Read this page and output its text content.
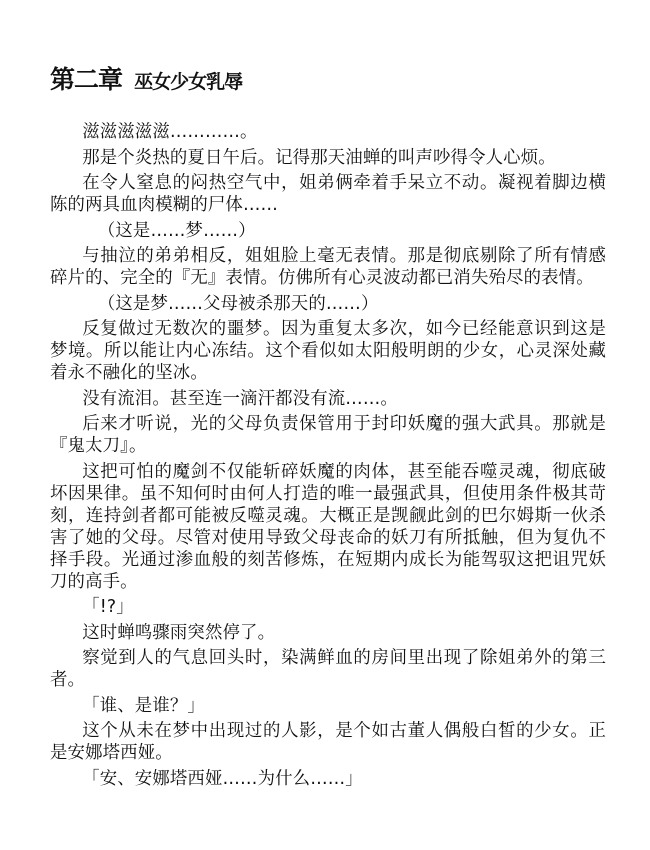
第二章 巫女少女乳辱

滋滋滋滋滋…………。

那是个炎热的夏日午后。记得那天油蝉的叫声吵得令人心烦。

在令人窒息的闷热空气中，姐弟俩牵着手呆立不动。凝视着脚边横陈的两具血肉模糊的尸体……

（这是……梦……）

与抽泣的弟弟相反，姐姐脸上毫无表情。那是彻底剔除了所有情感碎片的、完全的『无』表情。仿佛所有心灵波动都已消失殆尽的表情。

（这是梦……父母被杀那天的……）

反复做过无数次的噩梦。因为重复太多次，如今已经能意识到这是梦境。所以能让内心冻结。这个看似如太阳般明朗的少女，心灵深处藏着永不融化的坚冰。

没有流泪。甚至连一滴汗都没有流……。

后来才听说，光的父母负责保管用于封印妖魔的强大武具。那就是『鬼太刀』。

这把可怕的魔剑不仅能斩碎妖魔的肉体，甚至能吞噬灵魂，彻底破坏因果律。虽不知何时由何人打造的唯一最强武具，但使用条件极其苛刻，连持剑者都可能被反噬灵魂。大概正是觊觎此剑的巴尔姆斯一伙杀害了她的父母。尽管对使用导致父母丧命的妖刀有所抵触，但为复仇不择手段。光通过渗血般的刻苦修炼，在短期内成长为能驾驭这把诅咒妖刀的高手。

「!?」

这时蝉鸣骤雨突然停了。

察觉到人的气息回头时，染满鲜血的房间里出现了除姐弟外的第三者。

「谁、是谁？」

这个从未在梦中出现过的人影，是个如古董人偶般白皙的少女。正是安娜塔西娅。

「安、安娜塔西娅……为什么……」
